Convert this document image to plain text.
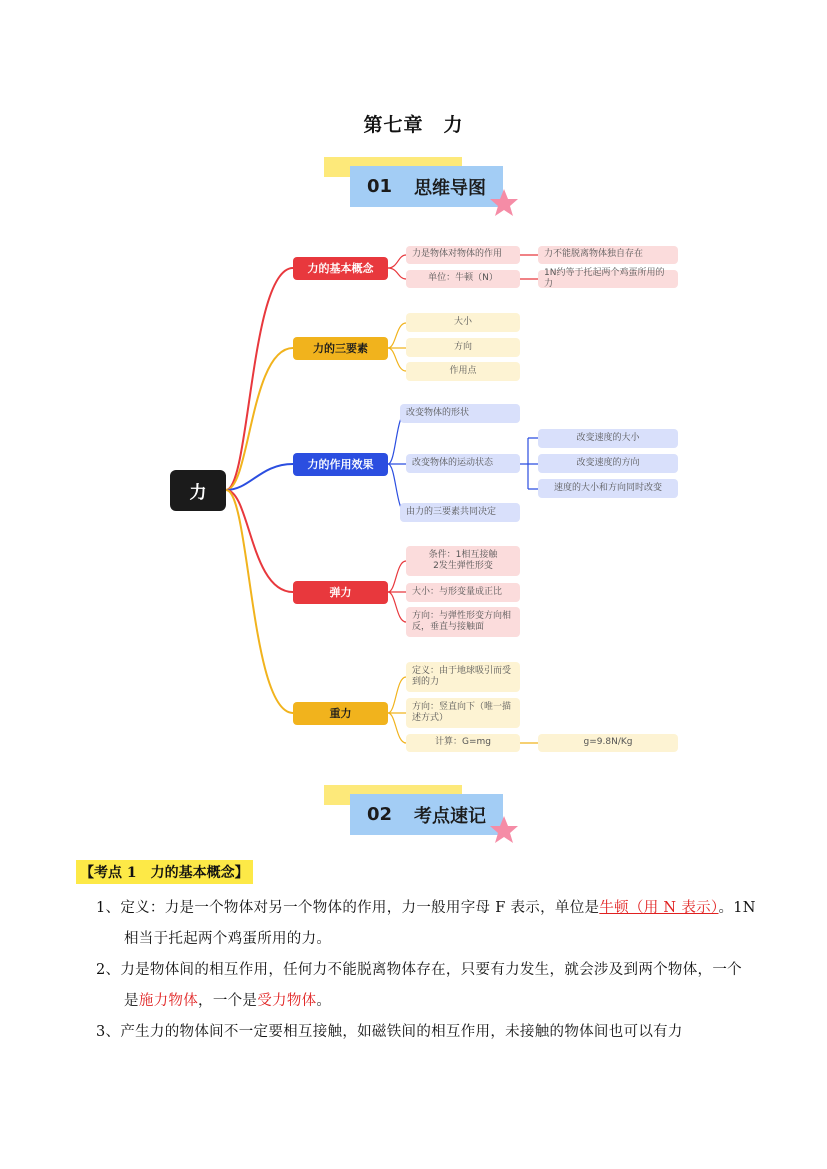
第七章　力
01 思维导图
力
力的基本概念
力是物体对物体的作用
单位：牛顿（N）
力不能脱离物体独自存在
1N约等于托起两个鸡蛋所用的力
力的三要素
大小
方向
作用点
力的作用效果
改变物体的形状
改变物体的运动状态
由力的三要素共同决定
改变速度的大小
改变速度的方向
速度的大小和方向同时改变
弹力
条件：1相互接触
2发生弹性形变
大小：与形变量成正比
方向：与弹性形变方向相反，垂直与接触面
重力
定义：由于地球吸引而受到的力
方向：竖直向下（唯一描述方式）
计算：G=mg	g=9.8N/Kg
02 考点速记
【考点 1　力的基本概念】
1、定义：力是一个物体对另一个物体的作用，力一般用字母 F 表示，单位是牛顿（用 N 表示）。1N 相当于托起两个鸡蛋所用的力。
2、力是物体间的相互作用，任何力不能脱离物体存在，只要有力发生，就会涉及到两个物体，一个是施力物体，一个是受力物体。
3、产生力的物体间不一定要相互接触，如磁铁间的相互作用，未接触的物体间也可以有力
